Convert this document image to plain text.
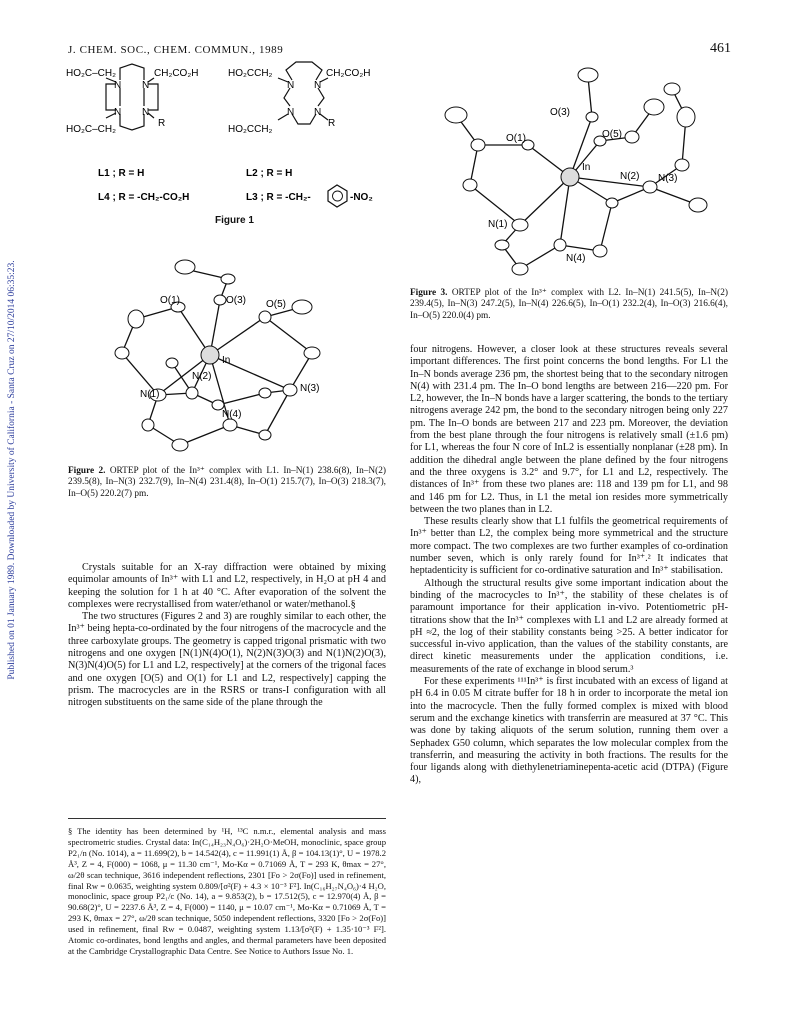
J. CHEM. SOC., CHEM. COMMUN., 1989	461
Published on 01 January 1989. Downloaded by University of California - Santa Cruz on 27/10/2014 06:35:23.
N N
N N
HO₂C–CH₂	CH₂CO₂H
HO₂C–CH₂
R
N N
N N
HO₂CCH₂	CH₂CO₂H
HO₂CCH₂
R
L1 ; R = H
L4 ; R = -CH₂-CO₂H
L2 ; R = H
L3 ; R = -CH₂-	-NO₂
Figure 1
O(3)
O(1)	O(5)
In
N(1)
N(2)
N(3)
N(4)
Figure 2. ORTEP plot of the In³⁺ complex with L1. In–N(1) 238.6(8), In–N(2) 239.5(8), In–N(3) 232.7(9), In–N(4) 231.4(8), In–O(1) 215.7(7), In–O(3) 218.3(7), In–O(5) 220.2(7) pm.
O(3)
O(1)	O(5)
In
N(2) N(3)
N(1)
N(4)
Figure 3. ORTEP plot of the In³⁺ complex with L2. In–N(1) 241.5(5), In–N(2) 239.4(5), In–N(3) 247.2(5), In–N(4) 226.6(5), In–O(1) 232.2(4), In–O(3) 216.6(4), In–O(5) 220.0(4) pm.

Crystals suitable for an X-ray diffraction were obtained by mixing equimolar amounts of In³⁺ with L1 and L2, respectively, in H₂O at pH 4 and keeping the solution for 1 h at 40 °C. After evaporation of the solvent the complexes were recrystallised from water/ethanol or water/methanol.§

The two structures (Figures 2 and 3) are roughly similar to each other, the In³⁺ being hepta-co-ordinated by the four nitrogens of the macrocycle and the three carboxylate groups. The geometry is capped trigonal prismatic with two nitrogens and one oxygen [N(1)N(4)O(1), N(2)N(3)O(3) and N(1)N(2)O(3), N(3)N(4)O(5) for L1 and L2, respectively] at the corners of the trigonal faces and one oxygen [O(5) and O(1) for L1 and L2, respectively] capping the prism. The macrocycles are in the RSRS or trans-I configuration with all nitrogen substituents on the same side of the plane through the

§ The identity has been determined by ¹H, ¹³C n.m.r., elemental analysis and mass spectrometric studies. Crystal data: In(C₁₄H₂₃N₄O₆)·2H₂O·MeOH, monoclinic, space group P2₁/n (No. 1014), a = 11.699(2), b = 14.542(4), c = 11.991(1) Å, β = 104.13(1)°, U = 1978.2 Å³, Z = 4, F(000) = 1068, μ = 11.30 cm⁻¹, Mo-Kα = 0.71069 Å, T = 293 K, θmax = 27°, ω/2θ scan technique, 3616 independent reflections, 2301 [Fo > 2σ(Fo)] used in refinement, final Rw = 0.0635, weighting system 0.809/[σ²(F) + 4.3 × 10⁻³ F²]. In(C₁₆H₂₇N₄O₆)·4 H₂O, monoclinic, space group P2₁/c (No. 14), a = 9.853(2), b = 17.512(5), c = 12.970(4) Å, β = 90.68(2)°, U = 2237.6 Å³, Z = 4, F(000) = 1140, μ = 10.07 cm⁻¹, Mo-Kα = 0.71069 Å, T = 293 K, θmax = 27°, ω/2θ scan technique, 5050 independent reflections, 3320 [Fo > 2σ(Fo)] used in refinement, final Rw = 0.0487, weighting system 1.13/[σ²(F) + 1.35·10⁻³ F²]. Atomic co-ordinates, bond lengths and angles, and thermal parameters have been deposited at the Cambridge Crystallographic Data Centre. See Notice to Authors Issue No. 1.

four nitrogens. However, a closer look at these structures reveals several important differences. The first point concerns the bond lengths. For L1 the In–N bonds average 236 pm, the shortest being that to the secondary nitrogen N(4) with 231.4 pm. The In–O bond lengths are between 216—220 pm. For L2, however, the In–N bonds have a larger scattering, the bonds to the tertiary nitrogens average 242 pm, the bond to the secondary nitrogen being only 227 pm. The In–O bonds are between 217 and 223 pm. Moreover, the deviation from the best plane through the four nitrogens is relatively small (±1.6 pm) for L1, whereas the four N core of InL2 is essentially nonplanar (±28 pm). In addition the dihedral angle between the plane defined by the four nitrogens and the three oxygens is 3.2° and 9.7°, for L1 and L2, respectively. The distances of In³⁺ from these two planes are: 118 and 139 pm for L1, and 98 and 146 pm for L2. Thus, in L1 the metal ion resides more symmetrically between the two planes than in L2.

These results clearly show that L1 fulfils the geometrical requirements of In³⁺ better than L2, the complex being more symmetrical and the structure more compact. The two complexes are two further examples of co-ordination number seven, which is only rarely found for In³⁺.² It indicates that heptadenticity is sufficient for co-ordinative saturation and In³⁺ stabilisation.

Although the structural results give some important indication about the binding of the macrocycles to In³⁺, the stability of these chelates is of paramount importance for their application in-vivo. Potentiometric pH-titrations show that the In³⁺ complexes with L1 and L2 are already formed at pH ≈2, the log of their stability constants being >25. A better indicator for successful in-vivo application, than the values of the stability constants, are direct kinetic measurements under the application conditions, i.e. measurements of the rate of exchange in blood serum.³

For these experiments ¹¹¹In³⁺ is first incubated with an excess of ligand at pH 6.4 in 0.05 M citrate buffer for 18 h in order to incorporate the metal ion into the macrocycle. Then the fully formed complex is mixed with blood serum and the exchange kinetics with transferrin are measured at 37 °C. This was done by taking aliquots of the serum solution, running them over a Sephadex G50 column, which separates the low molecular complex from the transferrin, and measuring the activity in both fractions. The results for the four ligands along with diethylenetriaminepenta-acetic acid (DTPA) (Figure 4),
